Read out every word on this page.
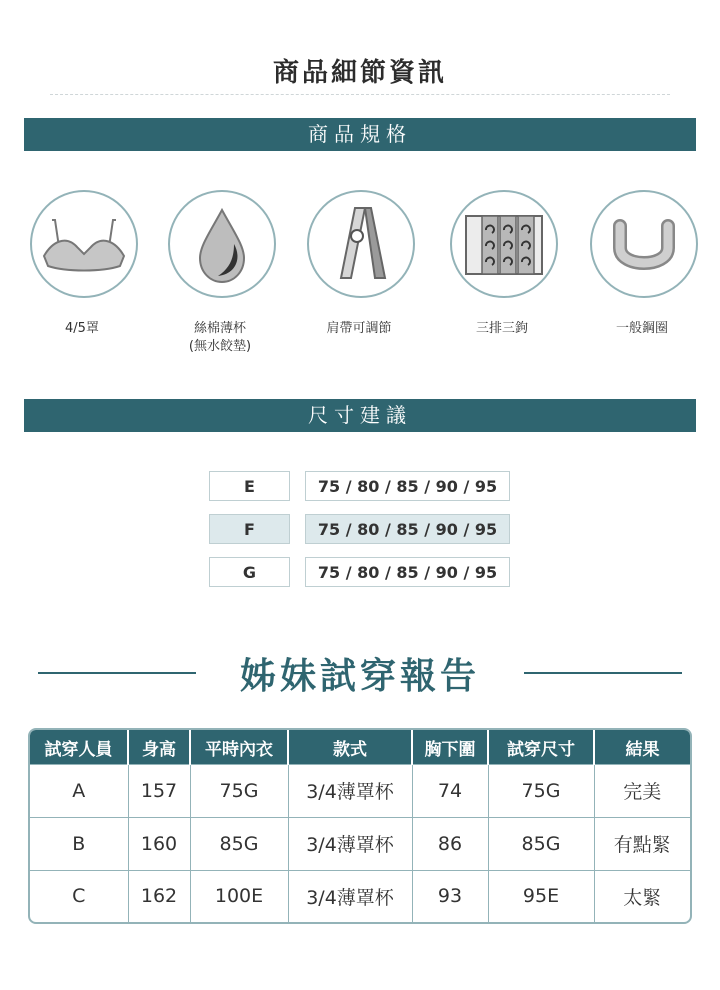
商品細節資訊
商品規格
4/5罩	絲棉薄杯
(無水餃墊)
肩帶可調節	三排三鉤	一般鋼圈
尺寸建議
E	75 / 80 / 85 / 90 / 95
F	75 / 80 / 85 / 90 / 95
G	75 / 80 / 85 / 90 / 95
姊妹試穿報告
試穿人員	身高	平時內衣	款式	胸下圍	試穿尺寸	結果
A	157	75G	3/4薄罩杯	74	75G	完美
B	160	85G	3/4薄罩杯	86	85G	有點緊
C	162	100E	3/4薄罩杯	93	95E	太緊
